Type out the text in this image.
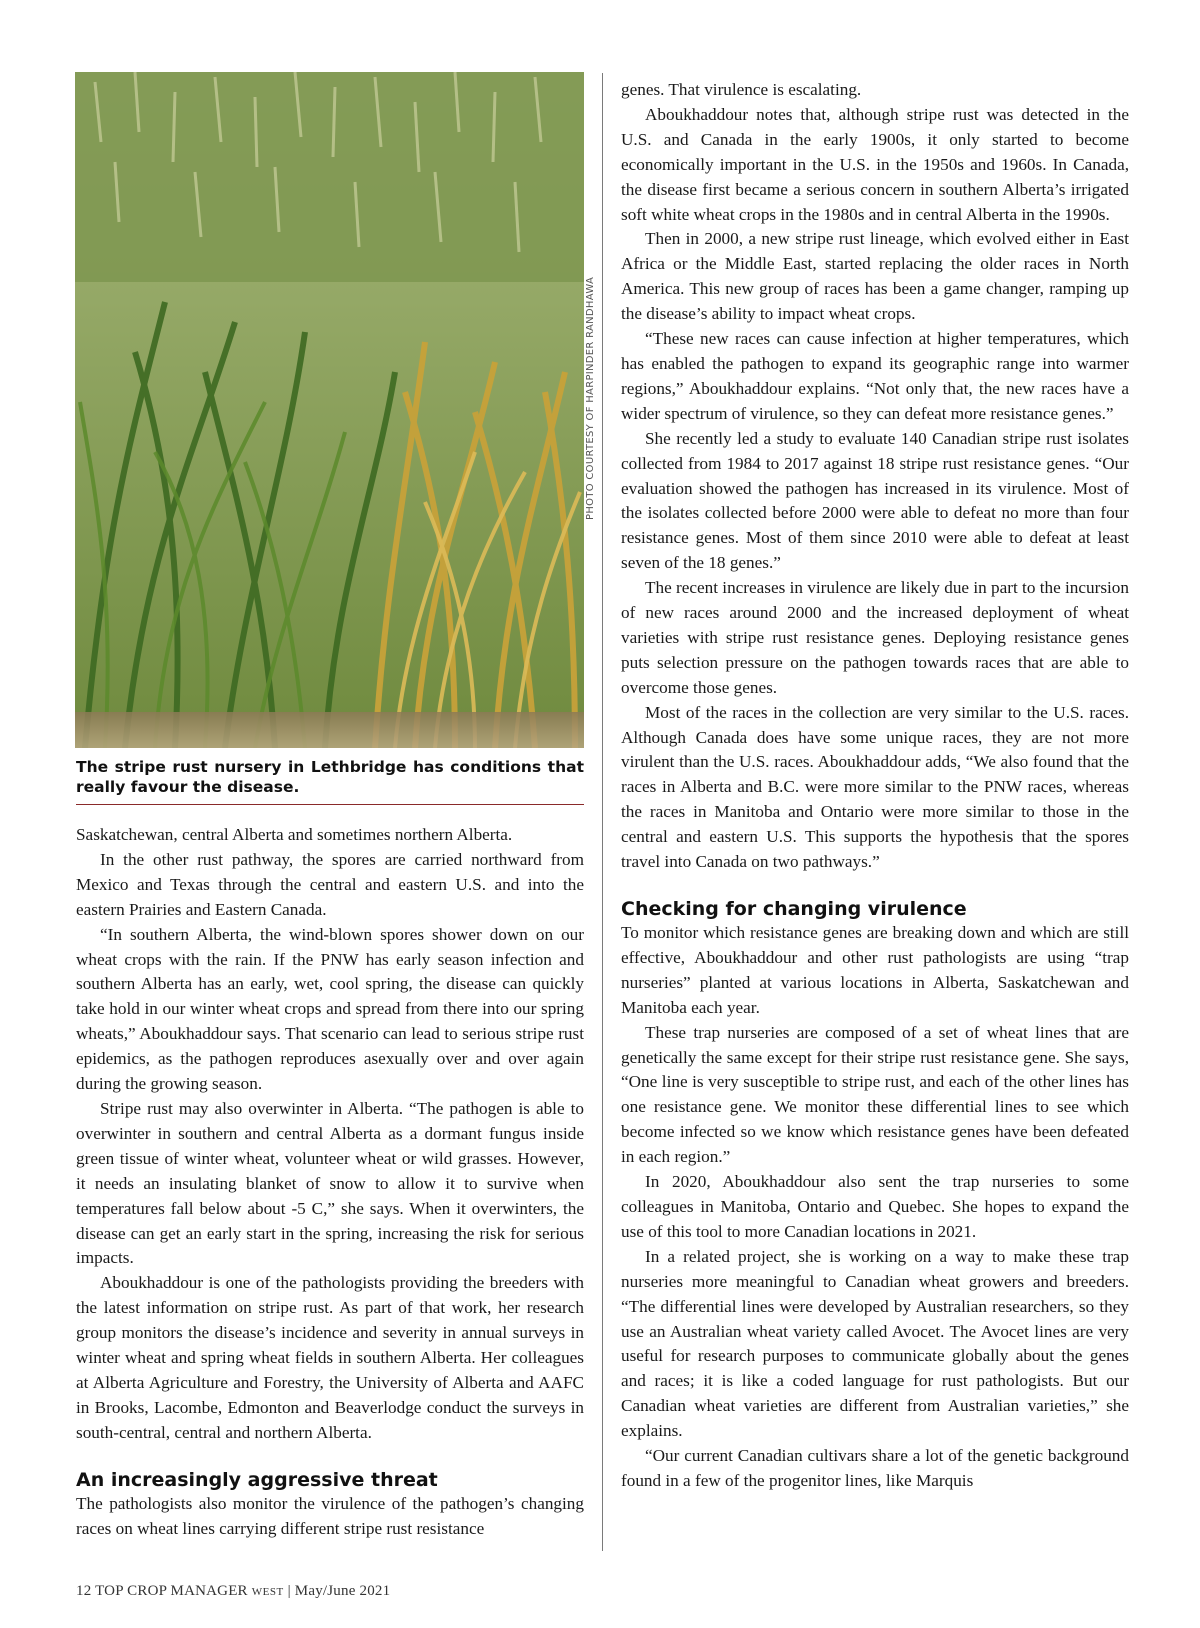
PHOTO COURTESY OF HARPINDER RANDHAWA
The stripe rust nursery in Lethbridge has conditions that really favour the disease.

Saskatchewan, central Alberta and sometimes northern Alberta.

In the other rust pathway, the spores are carried northward from Mexico and Texas through the central and eastern U.S. and into the eastern Prairies and Eastern Canada.

“In southern Alberta, the wind-blown spores shower down on our wheat crops with the rain. If the PNW has early season infection and southern Alberta has an early, wet, cool spring, the disease can quickly take hold in our winter wheat crops and spread from there into our spring wheats,” Aboukhaddour says. That scenario can lead to serious stripe rust epidemics, as the pathogen reproduces asexually over and over again during the growing season.

Stripe rust may also overwinter in Alberta. “The pathogen is able to overwinter in southern and central Alberta as a dormant fungus inside green tissue of winter wheat, volunteer wheat or wild grasses. However, it needs an insulating blanket of snow to allow it to survive when temperatures fall below about -5 C,” she says. When it overwinters, the disease can get an early start in the spring, increasing the risk for serious impacts.

Aboukhaddour is one of the pathologists providing the breeders with the latest information on stripe rust. As part of that work, her research group monitors the disease’s incidence and severity in annual surveys in winter wheat and spring wheat fields in southern Alberta. Her colleagues at Alberta Agriculture and Forestry, the University of Alberta and AAFC in Brooks, Lacombe, Edmonton and Beaverlodge conduct the surveys in south-central, central and northern Alberta.

An increasingly aggressive threat

The pathologists also monitor the virulence of the pathogen’s changing races on wheat lines carrying different stripe rust resistance

genes. That virulence is escalating.

Aboukhaddour notes that, although stripe rust was detected in the U.S. and Canada in the early 1900s, it only started to become economically important in the U.S. in the 1950s and 1960s. In Canada, the disease first became a serious concern in southern Alberta’s irrigated soft white wheat crops in the 1980s and in central Alberta in the 1990s.

Then in 2000, a new stripe rust lineage, which evolved either in East Africa or the Middle East, started replacing the older races in North America. This new group of races has been a game changer, ramping up the disease’s ability to impact wheat crops.

“These new races can cause infection at higher temperatures, which has enabled the pathogen to expand its geographic range into warmer regions,” Aboukhaddour explains. “Not only that, the new races have a wider spectrum of virulence, so they can defeat more resistance genes.”

She recently led a study to evaluate 140 Canadian stripe rust isolates collected from 1984 to 2017 against 18 stripe rust resistance genes. “Our evaluation showed the pathogen has increased in its virulence. Most of the isolates collected before 2000 were able to defeat no more than four resistance genes. Most of them since 2010 were able to defeat at least seven of the 18 genes.”

The recent increases in virulence are likely due in part to the incursion of new races around 2000 and the increased deployment of wheat varieties with stripe rust resistance genes. Deploying resistance genes puts selection pressure on the pathogen towards races that are able to overcome those genes.

Most of the races in the collection are very similar to the U.S. races. Although Canada does have some unique races, they are not more virulent than the U.S. races. Aboukhaddour adds, “We also found that the races in Alberta and B.C. were more similar to the PNW races, whereas the races in Manitoba and Ontario were more similar to those in the central and eastern U.S. This supports the hypothesis that the spores travel into Canada on two pathways.”

Checking for changing virulence

To monitor which resistance genes are breaking down and which are still effective, Aboukhaddour and other rust pathologists are using “trap nurseries” planted at various locations in Alberta, Saskatchewan and Manitoba each year.

These trap nurseries are composed of a set of wheat lines that are genetically the same except for their stripe rust resistance gene. She says, “One line is very susceptible to stripe rust, and each of the other lines has one resistance gene. We monitor these differential lines to see which become infected so we know which resistance genes have been defeated in each region.”

In 2020, Aboukhaddour also sent the trap nurseries to some colleagues in Manitoba, Ontario and Quebec. She hopes to expand the use of this tool to more Canadian locations in 2021.

In a related project, she is working on a way to make these trap nurseries more meaningful to Canadian wheat growers and breeders. “The differential lines were developed by Australian researchers, so they use an Australian wheat variety called Avocet. The Avocet lines are very useful for research purposes to communicate globally about the genes and races; it is like a coded language for rust pathologists. But our Canadian wheat varieties are different from Australian varieties,” she explains.

“Our current Canadian cultivars share a lot of the genetic background found in a few of the progenitor lines, like Marquis

12 TOP CROP MANAGER WEST | May/June 2021
